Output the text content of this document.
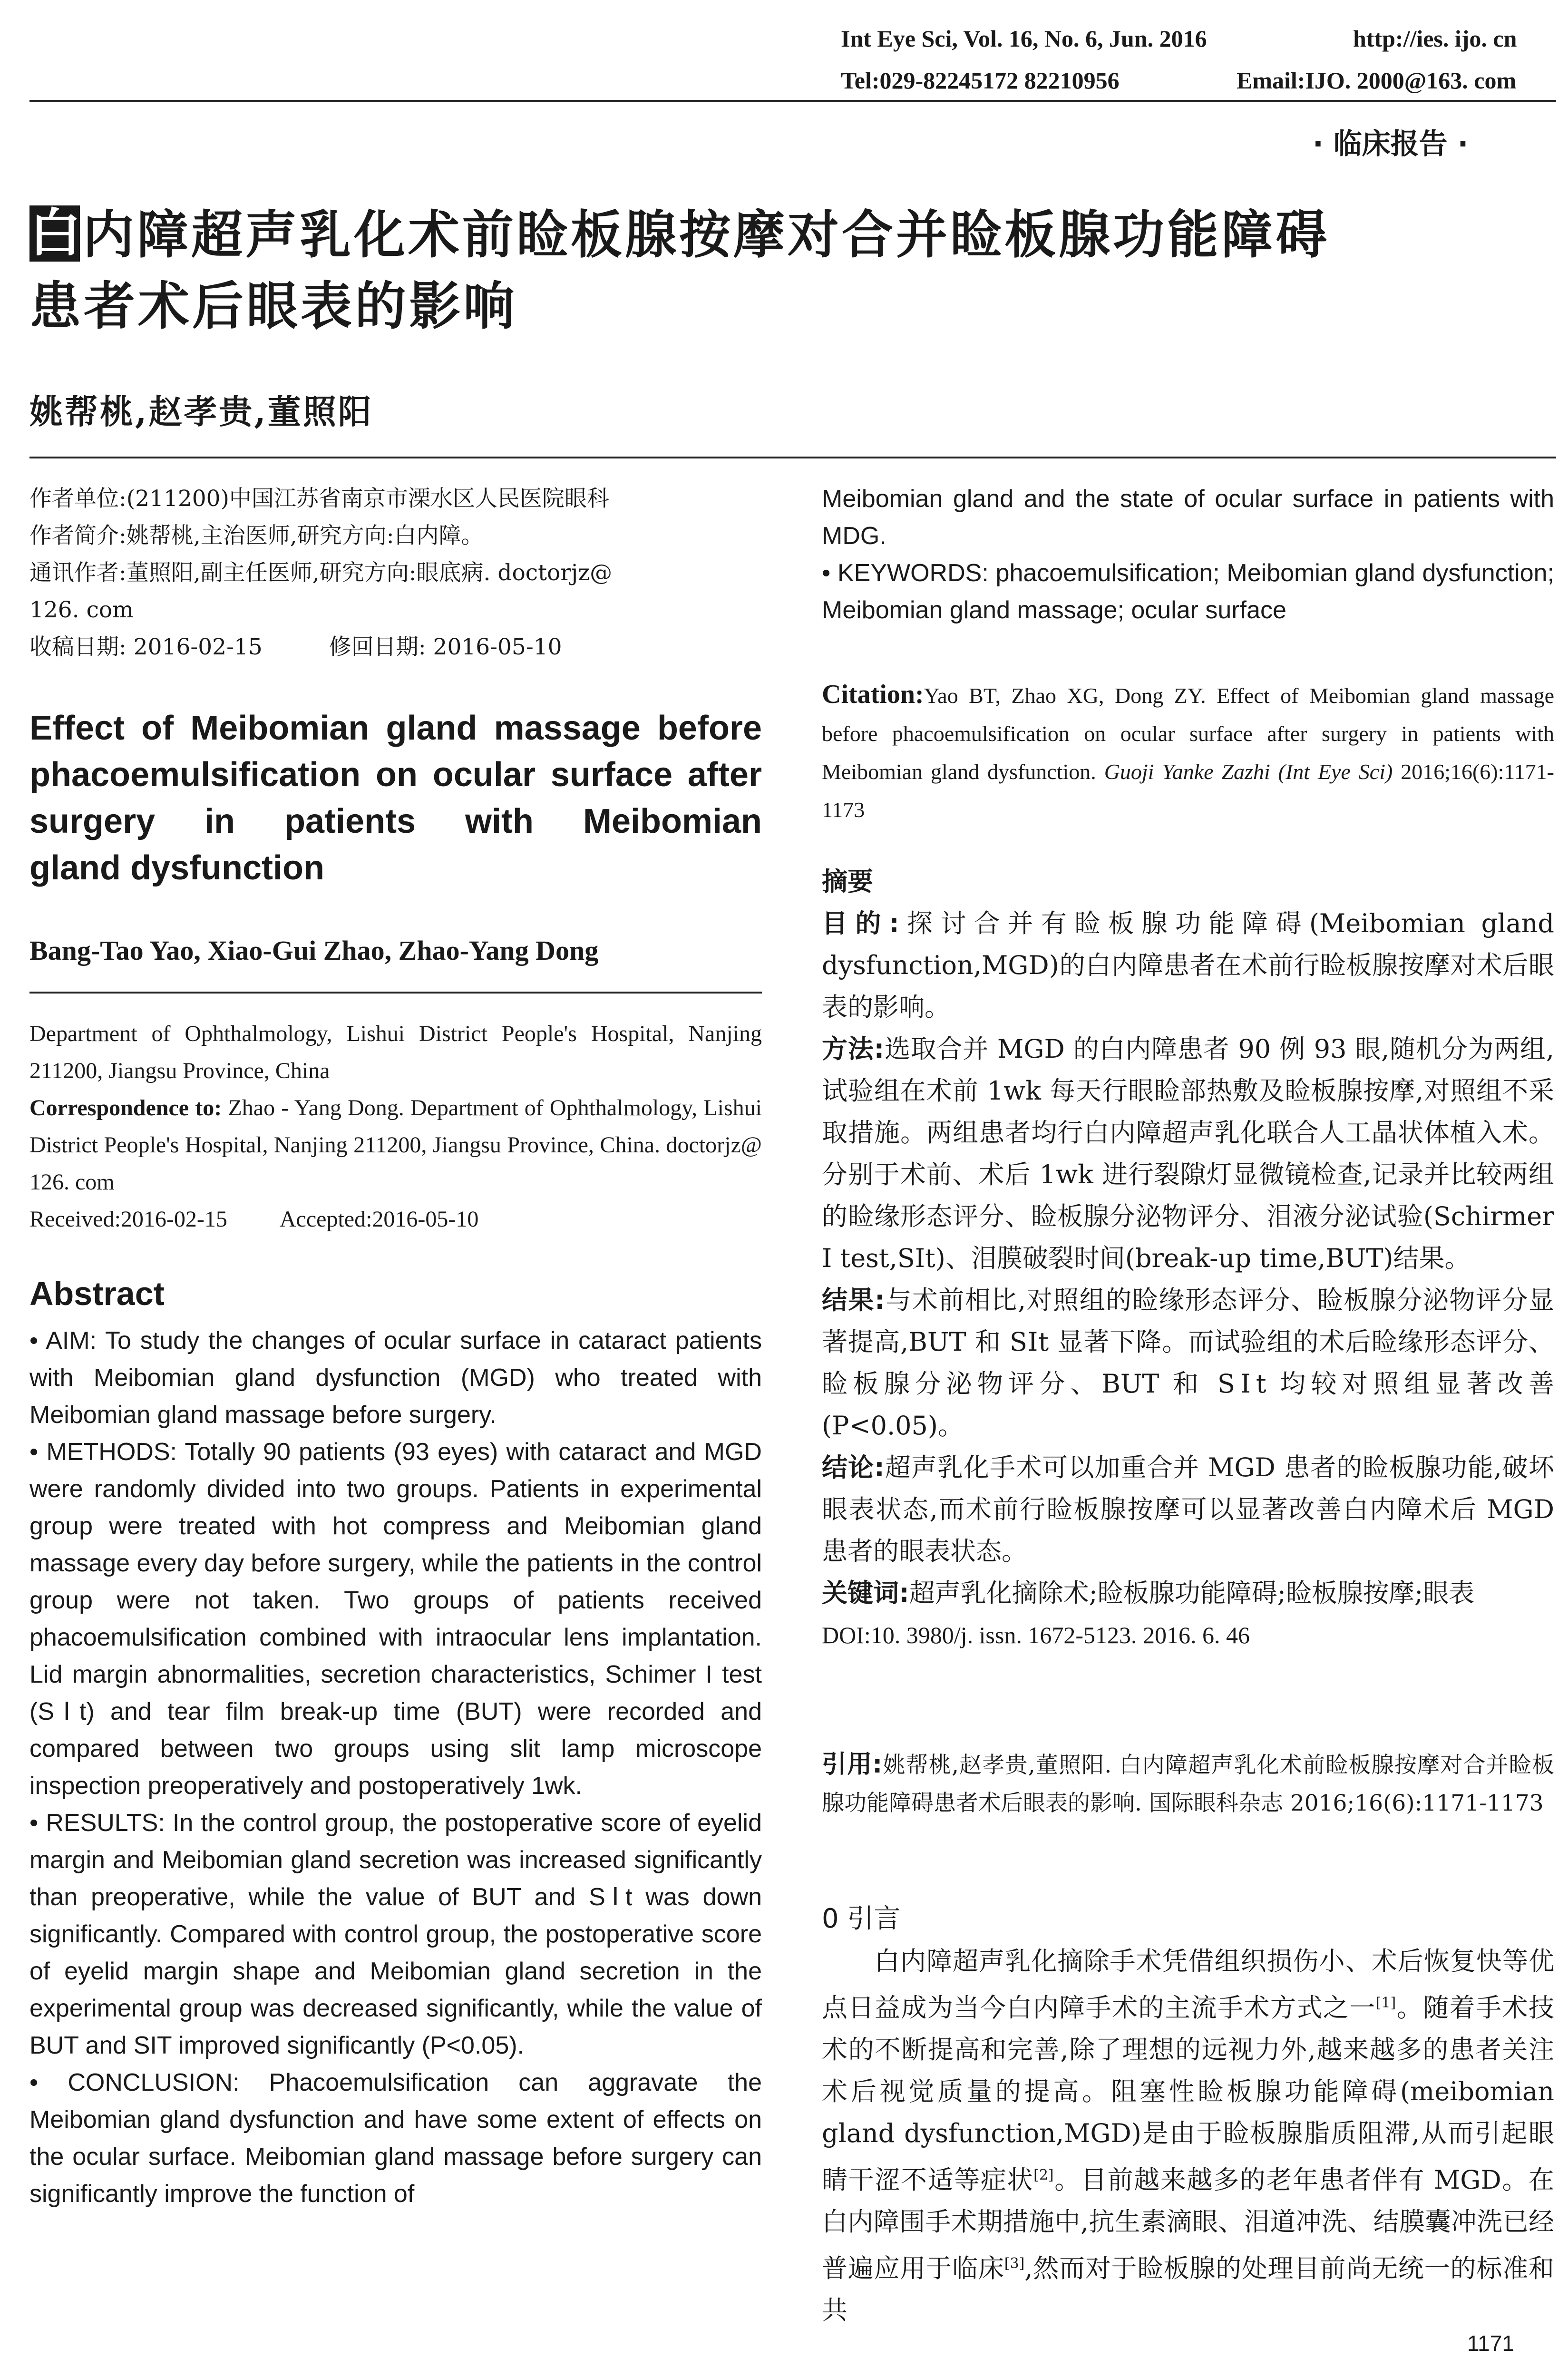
Int Eye Sci, Vol. 16, No. 6, Jun. 2016	http://ies. ijo. cn
Tel:029-82245172 82210956	Email:IJO. 2000@163. com
· 临床报告 ·
白内障超声乳化术前睑板腺按摩对合并睑板腺功能障碍
患者术后眼表的影响
姚帮桃,赵孝贵,董照阳
作者单位:(211200)中国江苏省南京市溧水区人民医院眼科
作者简介:姚帮桃,主治医师,研究方向:白内障。
通讯作者:董照阳,副主任医师,研究方向:眼底病. doctorjz@
126. com
收稿日期: 2016-02-15	修回日期: 2016-05-10
Effect of Meibomian gland massage before
phacoemulsification on ocular surface after
surgery in patients with Meibomian
gland dysfunction
Bang-Tao Yao, Xiao-Gui Zhao, Zhao-Yang Dong
Department of Ophthalmology, Lishui District People's Hospital, Nanjing 211200, Jiangsu Province, China
Correspondence to: Zhao - Yang Dong. Department of Ophthalmology, Lishui District People's Hospital, Nanjing 211200, Jiangsu Province, China. doctorjz@ 126. com
Received:2016-02-15 Accepted:2016-05-10
Abstract

• AIM: To study the changes of ocular surface in cataract patients with Meibomian gland dysfunction (MGD) who treated with Meibomian gland massage before surgery.

• METHODS: Totally 90 patients (93 eyes) with cataract and MGD were randomly divided into two groups. Patients in experimental group were treated with hot compress and Meibomian gland massage every day before surgery, while the patients in the control group were not taken. Two groups of patients received phacoemulsification combined with intraocular lens implantation. Lid margin abnormalities, secretion characteristics, Schimer I test (SⅠt) and tear film break-up time (BUT) were recorded and compared between two groups using slit lamp microscope inspection preoperatively and postoperatively 1wk.

• RESULTS: In the control group, the postoperative score of eyelid margin and Meibomian gland secretion was increased significantly than preoperative, while the value of BUT and SⅠt was down significantly. Compared with control group, the postoperative score of eyelid margin shape and Meibomian gland secretion in the experimental group was decreased significantly, while the value of BUT and SIT improved significantly (P<0.05).

• CONCLUSION: Phacoemulsification can aggravate the Meibomian gland dysfunction and have some extent of effects on the ocular surface. Meibomian gland massage before surgery can significantly improve the function of

Meibomian gland and the state of ocular surface in patients with MDG.

• KEYWORDS: phacoemulsification; Meibomian gland dysfunction; Meibomian gland massage; ocular surface

Citation:Yao BT, Zhao XG, Dong ZY. Effect of Meibomian gland massage before phacoemulsification on ocular surface after surgery in patients with Meibomian gland dysfunction. Guoji Yanke Zazhi (Int Eye Sci) 2016;16(6):1171-1173
摘要

目的:探讨合并有睑板腺功能障碍(Meibomian gland dysfunction,MGD)的白内障患者在术前行睑板腺按摩对术后眼表的影响。

方法:选取合并 MGD 的白内障患者 90 例 93 眼,随机分为两组,试验组在术前 1wk 每天行眼睑部热敷及睑板腺按摩,对照组不采取措施。两组患者均行白内障超声乳化联合人工晶状体植入术。分别于术前、术后 1wk 进行裂隙灯显微镜检查,记录并比较两组的睑缘形态评分、睑板腺分泌物评分、泪液分泌试验(Schirmer Ⅰ test,SⅠt)、泪膜破裂时间(break-up time,BUT)结果。

结果:与术前相比,对照组的睑缘形态评分、睑板腺分泌物评分显著提高,BUT 和 SⅠt 显著下降。而试验组的术后睑缘形态评分、睑板腺分泌物评分、BUT 和 SⅠt 均较对照组显著改善(P<0.05)。

结论:超声乳化手术可以加重合并 MGD 患者的睑板腺功能,破坏眼表状态,而术前行睑板腺按摩可以显著改善白内障术后 MGD 患者的眼表状态。

关键词:超声乳化摘除术;睑板腺功能障碍;睑板腺按摩;眼表

DOI:10. 3980/j. issn. 1672-5123. 2016. 6. 46

引用:姚帮桃,赵孝贵,董照阳. 白内障超声乳化术前睑板腺按摩对合并睑板腺功能障碍患者术后眼表的影响. 国际眼科杂志 2016;16(6):1171-1173
0 引言
白内障超声乳化摘除手术凭借组织损伤小、术后恢复快等优点日益成为当今白内障手术的主流手术方式之一[1]。随着手术技术的不断提高和完善,除了理想的远视力外,越来越多的患者关注术后视觉质量的提高。阻塞性睑板腺功能障碍(meibomian gland dysfunction,MGD)是由于睑板腺脂质阻滞,从而引起眼睛干涩不适等症状[2]。目前越来越多的老年患者伴有 MGD。在白内障围手术期措施中,抗生素滴眼、泪道冲洗、结膜囊冲洗已经普遍应用于临床[3],然而对于睑板腺的处理目前尚无统一的标准和共
1171
